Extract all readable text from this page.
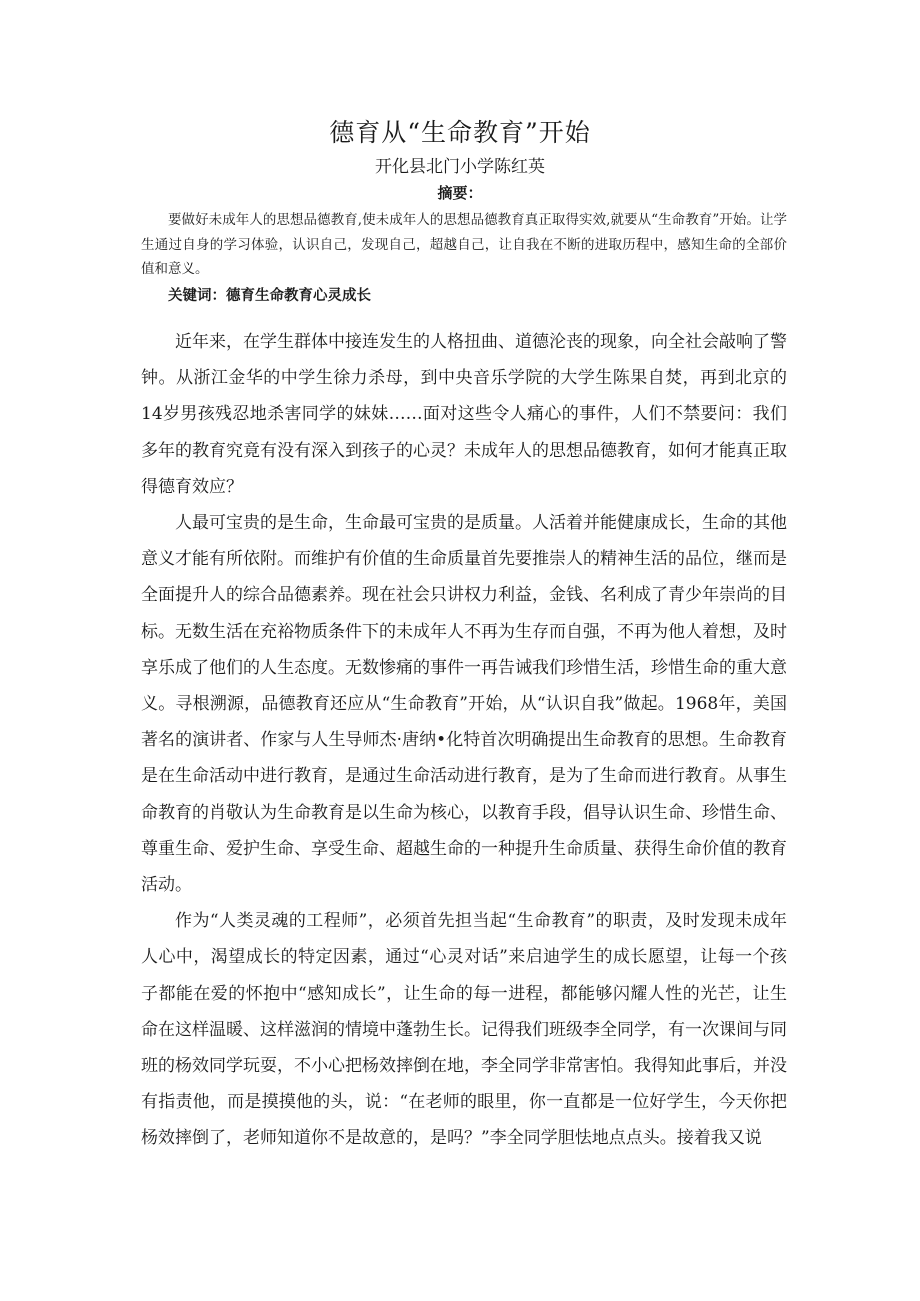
德育从“生命教育”开始
开化县北门小学陈红英
摘要：

要做好未成年人的思想品德教育,使未成年人的思想品德教育真正取得实效,就要从“生命教育”开始。让学生通过自身的学习体验，认识自己，发现自己，超越自己，让自我在不断的进取历程中，感知生命的全部价值和意义。

关键词：德育生命教育心灵成长

近年来，在学生群体中接连发生的人格扭曲、道德沦丧的现象，向全社会敲响了警钟。从浙江金华的中学生徐力杀母，到中央音乐学院的大学生陈果自焚，再到北京的14岁男孩残忍地杀害同学的妹妹……面对这些令人痛心的事件，人们不禁要问：我们多年的教育究竟有没有深入到孩子的心灵？未成年人的思想品德教育，如何才能真正取得德育效应？

人最可宝贵的是生命，生命最可宝贵的是质量。人活着并能健康成长，生命的其他意义才能有所依附。而维护有价值的生命质量首先要推崇人的精神生活的品位，继而是全面提升人的综合品德素养。现在社会只讲权力利益，金钱、名利成了青少年崇尚的目标。无数生活在充裕物质条件下的未成年人不再为生存而自强，不再为他人着想，及时享乐成了他们的人生态度。无数惨痛的事件一再告诫我们珍惜生活，珍惜生命的重大意义。寻根溯源，品德教育还应从“生命教育”开始，从“认识自我”做起。1968年，美国著名的演讲者、作家与人生导师杰·唐纳•化特首次明确提出生命教育的思想。生命教育是在生命活动中进行教育，是通过生命活动进行教育，是为了生命而进行教育。从事生命教育的肖敬认为生命教育是以生命为核心，以教育手段，倡导认识生命、珍惜生命、尊重生命、爱护生命、享受生命、超越生命的一种提升生命质量、获得生命价值的教育活动。

作为“人类灵魂的工程师”，必须首先担当起“生命教育”的职责，及时发现未成年人心中，渴望成长的特定因素，通过“心灵对话”来启迪学生的成长愿望，让每一个孩子都能在爱的怀抱中“感知成长”，让生命的每一进程，都能够闪耀人性的光芒，让生命在这样温暖、这样滋润的情境中蓬勃生长。记得我们班级李全同学，有一次课间与同班的杨效同学玩耍，不小心把杨效摔倒在地，李全同学非常害怕。我得知此事后，并没有指责他，而是摸摸他的头，说：“在老师的眼里，你一直都是一位好学生，今天你把杨效摔倒了，老师知道你不是故意的，是吗？”李全同学胆怯地点点头。接着我又说
